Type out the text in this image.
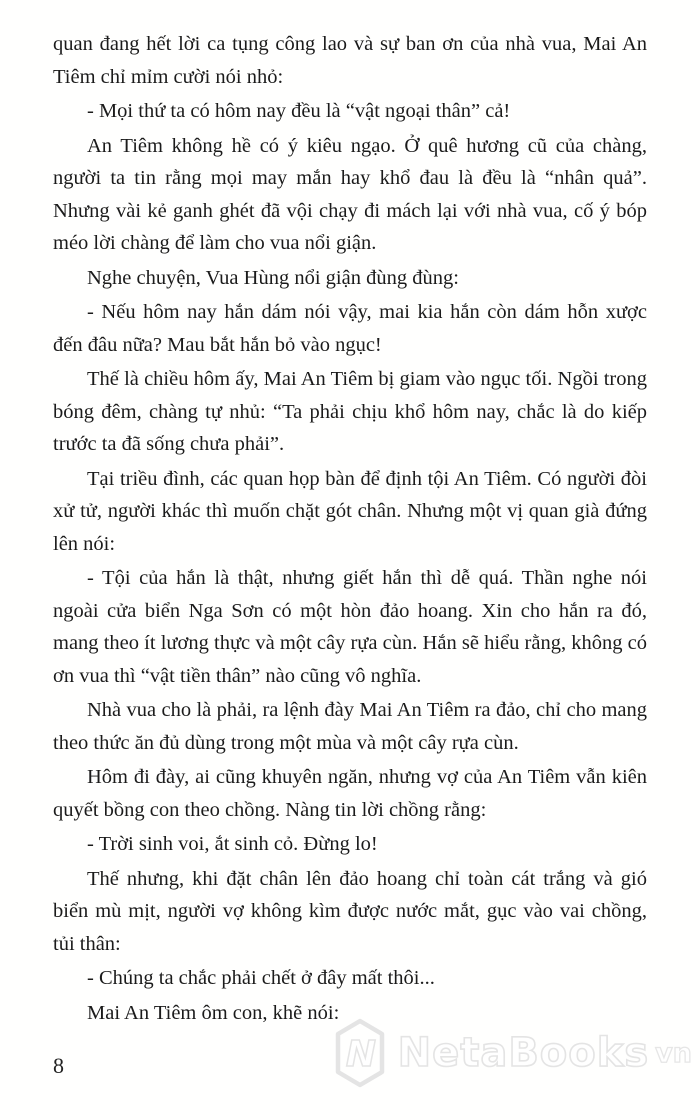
quan đang hết lời ca tụng công lao và sự ban ơn của nhà vua, Mai An Tiêm chỉ mỉm cười nói nhỏ:

- Mọi thứ ta có hôm nay đều là “vật ngoại thân” cả!

An Tiêm không hề có ý kiêu ngạo. Ở quê hương cũ của chàng, người ta tin rằng mọi may mắn hay khổ đau là đều là “nhân quả”. Nhưng vài kẻ ganh ghét đã vội chạy đi mách lại với nhà vua, cố ý bóp méo lời chàng để làm cho vua nổi giận.

Nghe chuyện, Vua Hùng nổi giận đùng đùng:

- Nếu hôm nay hắn dám nói vậy, mai kia hắn còn dám hỗn xược đến đâu nữa? Mau bắt hắn bỏ vào ngục!

Thế là chiều hôm ấy, Mai An Tiêm bị giam vào ngục tối. Ngồi trong bóng đêm, chàng tự nhủ: “Ta phải chịu khổ hôm nay, chắc là do kiếp trước ta đã sống chưa phải”.

Tại triều đình, các quan họp bàn để định tội An Tiêm. Có người đòi xử tử, người khác thì muốn chặt gót chân. Nhưng một vị quan già đứng lên nói:

- Tội của hắn là thật, nhưng giết hắn thì dễ quá. Thần nghe nói ngoài cửa biển Nga Sơn có một hòn đảo hoang. Xin cho hắn ra đó, mang theo ít lương thực và một cây rựa cùn. Hắn sẽ hiểu rằng, không có ơn vua thì “vật tiền thân” nào cũng vô nghĩa.

Nhà vua cho là phải, ra lệnh đày Mai An Tiêm ra đảo, chỉ cho mang theo thức ăn đủ dùng trong một mùa và một cây rựa cùn.

Hôm đi đày, ai cũng khuyên ngăn, nhưng vợ của An Tiêm vẫn kiên quyết bồng con theo chồng. Nàng tin lời chồng rằng:

- Trời sinh voi, ắt sinh cỏ. Đừng lo!

Thế nhưng, khi đặt chân lên đảo hoang chỉ toàn cát trắng và gió biển mù mịt, người vợ không kìm được nước mắt, gục vào vai chồng, tủi thân:

- Chúng ta chắc phải chết ở đây mất thôi...

Mai An Tiêm ôm con, khẽ nói:

8	N NetaBooks vn
